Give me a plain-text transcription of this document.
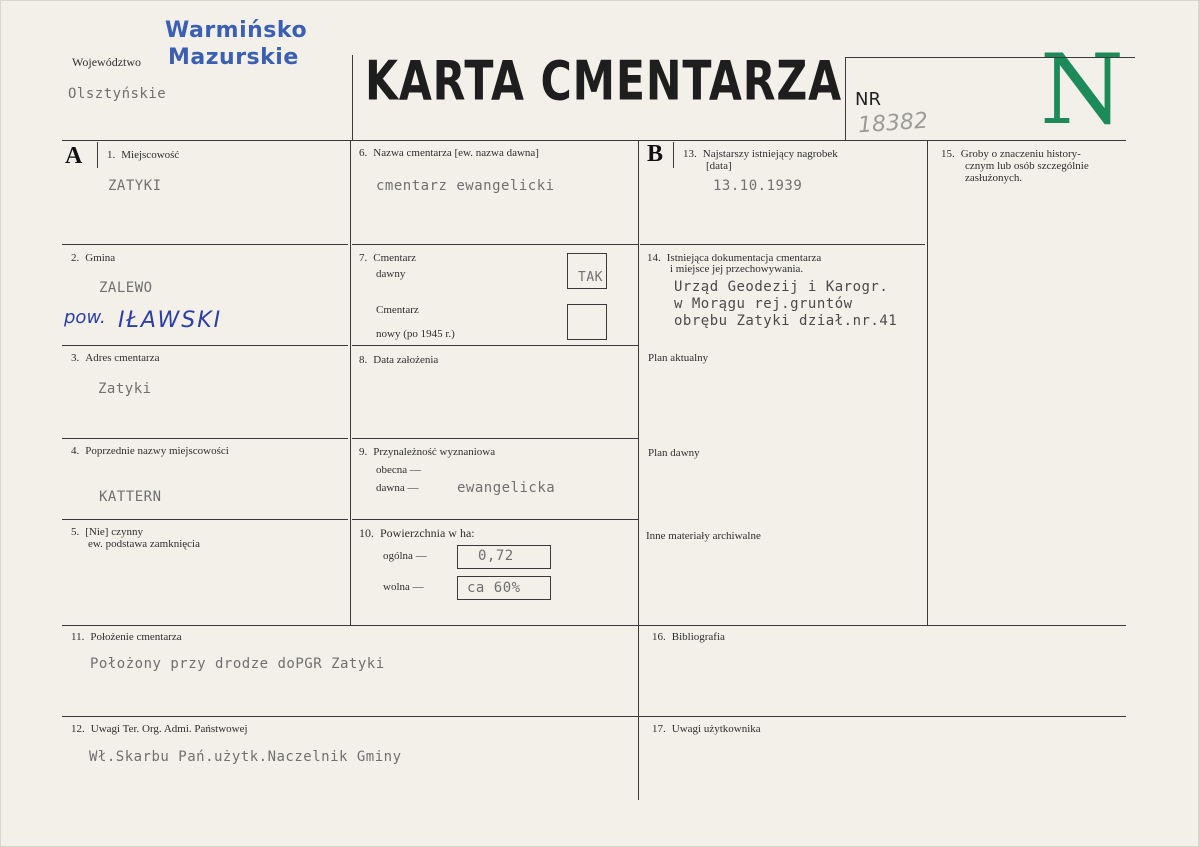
Warmińsko
Mazurskie
Województwo
Olsztyńskie	KARTA CMENTARZA NR
18382 N
A	B
1. Miejscowość
ZATYKI
2. Gmina
ZALEWO
pow. IŁAWSKI
3. Adres cmentarza
Zatyki
4. Poprzednie nazwy miejscowości
KATTERN
5. [Nie] czynny
ew. podstawa zamknięcia
6. Nazwa cmentarza [ew. nazwa dawna]
cmentarz ewangelicki
7. Cmentarz
dawny	TAK
Cmentarz
nowy (po 1945 r.)
8. Data założenia
9. Przynależność wyznaniowa
obecna —
dawna —	ewangelicka
10. Powierzchnia w ha:
ogólna —	0,72
wolna —	ca 60%
13. Najstarszy istniejący nagrobek
[data]
13.10.1939
14. Istniejąca dokumentacja cmentarza
i miejsce jej przechowywania.
Urząd Geodezij i Karogr.
w Morągu rej.gruntów
obrębu Zatyki dział.nr.41
Plan aktualny
Plan dawny
Inne materiały archiwalne
15. Groby o znaczeniu history-
cznym lub osób szczególnie
zasłużonych.
11. Położenie cmentarza
Położony przy drodze doPGR Zatyki
16. Bibliografia
12. Uwagi Ter. Org. Admi. Państwowej
Wł.Skarbu Pań.użytk.Naczelnik Gminy
17. Uwagi użytkownika
